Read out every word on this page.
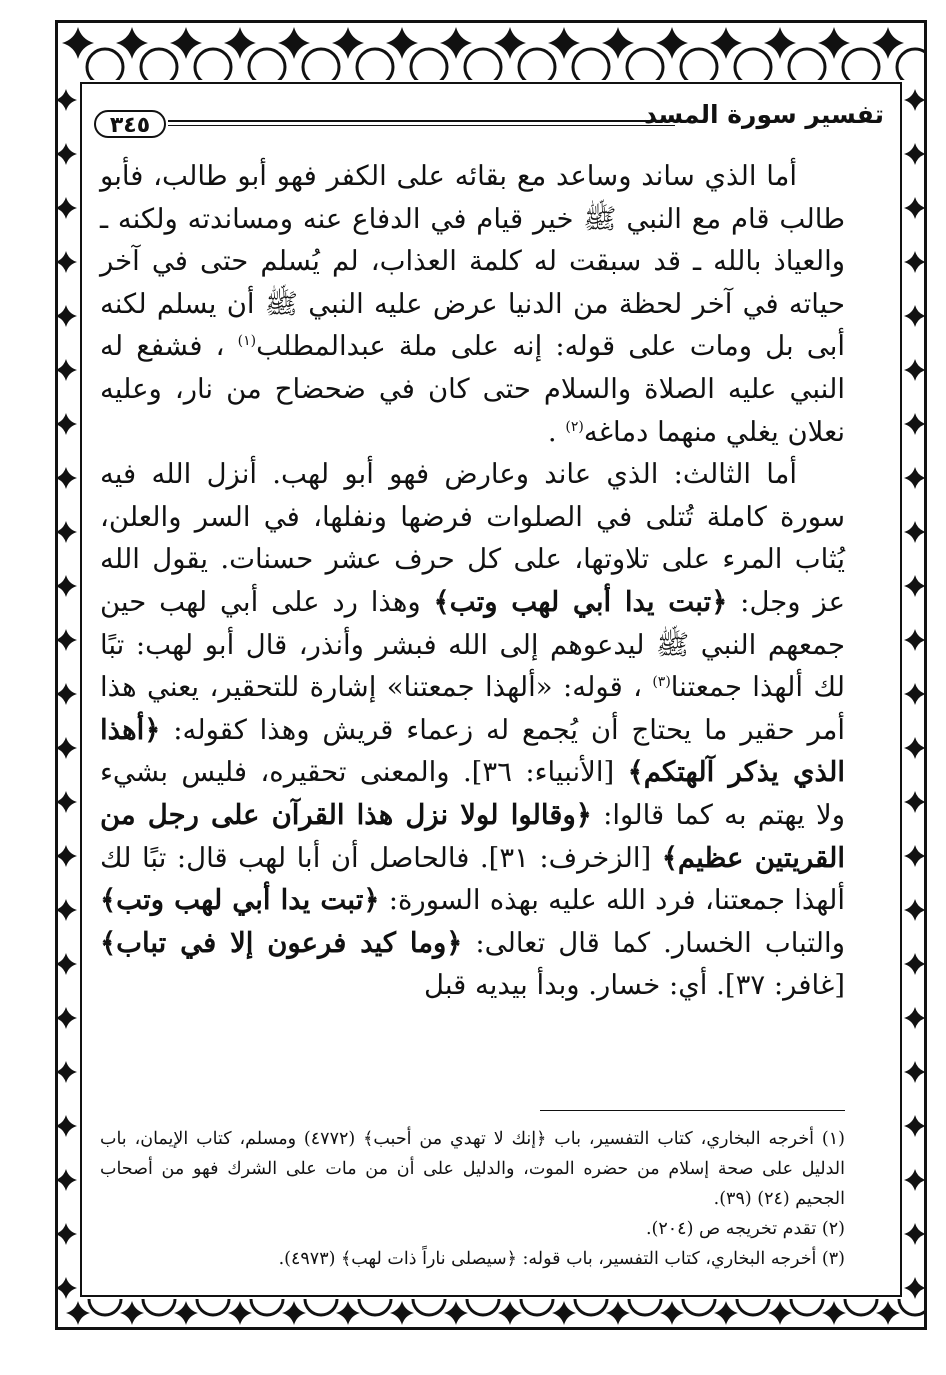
٣٤٥	تفسير سورة المسد

أما الذي ساند وساعد مع بقائه على الكفر فهو أبو طالب، فأبو طالب قام مع النبي ﷺ خير قيام في الدفاع عنه ومساندته ولكنه ـ والعياذ بالله ـ قد سبقت له كلمة العذاب، لم يُسلم حتى في آخر حياته في آخر لحظة من الدنيا عرض عليه النبي ﷺ أن يسلم لكنه أبى بل ومات على قوله: إنه على ملة عبدالمطلب$^{(١)}$ ، فشفع له النبي عليه الصلاة والسلام حتى كان في ضحضاح من نار، وعليه نعلان يغلي منهما دماغه$^{(٢)}$ .

أما الثالث: الذي عاند وعارض فهو أبو لهب. أنزل الله فيه سورة كاملة تُتلى في الصلوات فرضها ونفلها، في السر والعلن، يُثاب المرء على تلاوتها، على كل حرف عشر حسنات. يقول الله عز وجل: ﴿تبت يدا أبي لهب وتب﴾ وهذا رد على أبي لهب حين جمعهم النبي ﷺ ليدعوهم إلى الله فبشر وأنذر، قال أبو لهب: تبًا لك ألهذا جمعتنا$^{(٣)}$ ، قوله: «ألهذا جمعتنا» إشارة للتحقير، يعني هذا أمر حقير ما يحتاج أن يُجمع له زعماء قريش وهذا كقوله: ﴿أهذا الذي يذكر آلهتكم﴾ [الأنبياء: ٣٦]. والمعنى تحقيره، فليس بشيء ولا يهتم به كما قالوا: ﴿وقالوا لولا نزل هذا القرآن على رجل من القريتين عظيم﴾ [الزخرف: ٣١]. فالحاصل أن أبا لهب قال: تبًا لك ألهذا جمعتنا، فرد الله عليه بهذه السورة: ﴿تبت يدا أبي لهب وتب﴾ والتباب الخسار. كما قال تعالى: ﴿وما كيد فرعون إلا في تباب﴾ [غافر: ٣٧]. أي: خسار. وبدأ بيديه قبل

(١) أخرجه البخاري، كتاب التفسير، باب ﴿إنك لا تهدي من أحبب﴾ (٤٧٧٢) ومسلم، كتاب الإيمان، باب الدليل على صحة إسلام من حضره الموت، والدليل على أن من مات على الشرك فهو من أصحاب الجحيم (٢٤) (٣٩).

(٢) تقدم تخريجه ص (٢٠٤).

(٣) أخرجه البخاري، كتاب التفسير، باب قوله: ﴿سيصلى ناراً ذات لهب﴾ (٤٩٧٣).
